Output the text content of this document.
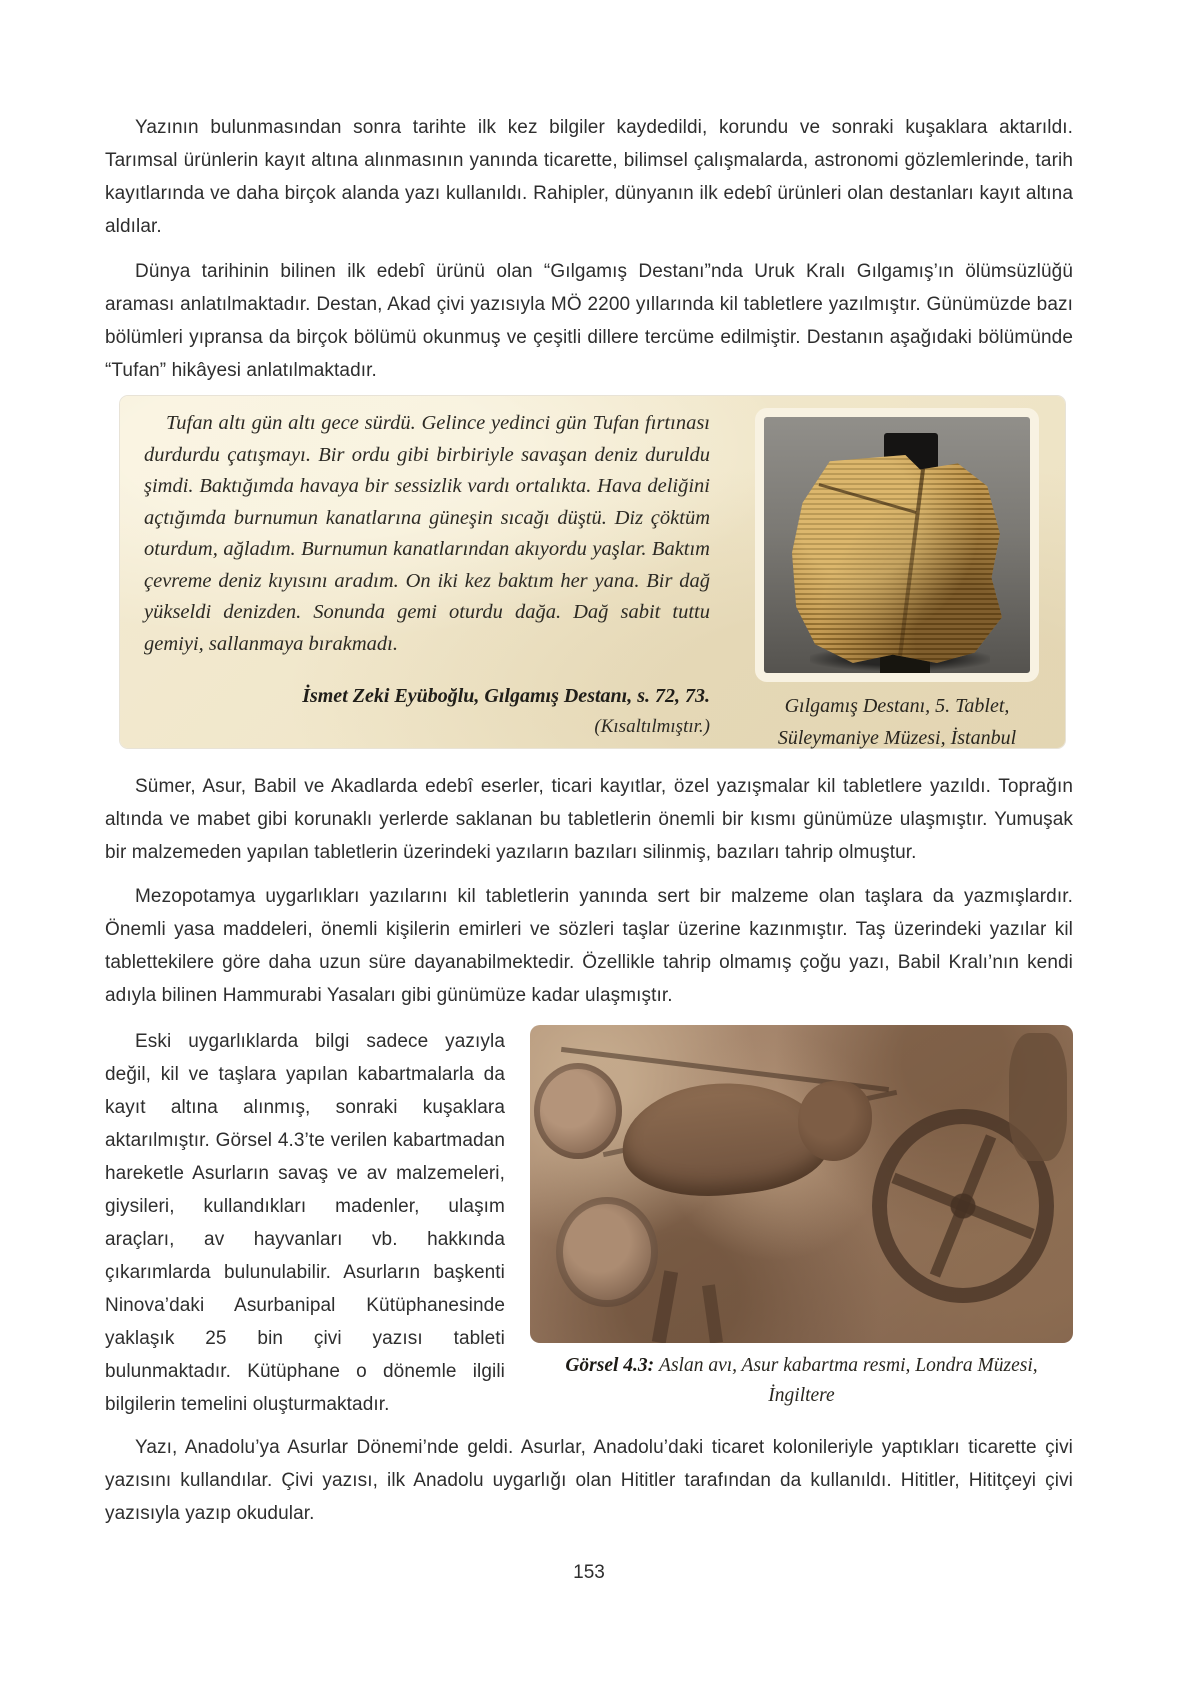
Yazının bulunmasından sonra tarihte ilk kez bilgiler kaydedildi, korundu ve sonraki kuşaklara aktarıldı. Tarımsal ürünlerin kayıt altına alınmasının yanında ticarette, bilimsel çalışmalarda, astronomi gözlemlerinde, tarih kayıtlarında ve daha birçok alanda yazı kullanıldı. Rahipler, dünyanın ilk edebî ürünleri olan destanları kayıt altına aldılar.

Dünya tarihinin bilinen ilk edebî ürünü olan “Gılgamış Destanı”nda Uruk Kralı Gılgamış’ın ölümsüzlüğü araması anlatılmaktadır. Destan, Akad çivi yazısıyla MÖ 2200 yıllarında kil tabletlere yazılmıştır. Günümüzde bazı bölümleri yıpransa da birçok bölümü okunmuş ve çeşitli dillere tercüme edilmiştir. Destanın aşağıdaki bölümünde “Tufan” hikâyesi anlatılmaktadır.

Tufan altı gün altı gece sürdü. Gelince yedinci gün Tufan fırtınası durdurdu çatışmayı. Bir ordu gibi birbiriyle savaşan deniz duruldu şimdi. Baktığımda havaya bir sessizlik vardı ortalıkta. Hava deliğini açtığımda burnumun kanatlarına güneşin sıcağı düştü. Diz çöktüm oturdum, ağladım. Burnumun kanatlarından akıyordu yaşlar. Baktım çevreme deniz kıyısını aradım. On iki kez baktım her yana. Bir dağ yükseldi denizden. Sonunda gemi oturdu dağa. Dağ sabit tuttu gemiyi, sallanmaya bırakmadı.

İsmet Zeki Eyüboğlu, Gılgamış Destanı, s. 72, 73.
(Kısaltılmıştır.)
Gılgamış Destanı, 5. Tablet,
Süleymaniye Müzesi, İstanbul

Sümer, Asur, Babil ve Akadlarda edebî eserler, ticari kayıtlar, özel yazışmalar kil tabletlere yazıldı. Toprağın altında ve mabet gibi korunaklı yerlerde saklanan bu tabletlerin önemli bir kısmı günümüze ulaşmıştır. Yumuşak bir malzemeden yapılan tabletlerin üzerindeki yazıların bazıları silinmiş, bazıları tahrip olmuştur.

Mezopotamya uygarlıkları yazılarını kil tabletlerin yanında sert bir malzeme olan taşlara da yazmışlardır. Önemli yasa maddeleri, önemli kişilerin emirleri ve sözleri taşlar üzerine kazınmıştır. Taş üzerindeki yazılar kil tablettekilere göre daha uzun süre dayanabilmektedir. Özellikle tahrip olmamış çoğu yazı, Babil Kralı’nın kendi adıyla bilinen Hammurabi Yasaları gibi günümüze kadar ulaşmıştır.

Eski uygarlıklarda bilgi sadece yazıyla değil, kil ve taşlara yapılan kabartmalarla da kayıt altına alınmış, sonraki kuşaklara aktarılmıştır. Görsel 4.3’te verilen kabartmadan hareketle Asurların savaş ve av malzemeleri, giysileri, kullandıkları madenler, ulaşım araçları, av hayvanları vb. hakkında çıkarımlarda bulunulabilir. Asurların başkenti Ninova’daki Asurbanipal Kütüphanesinde yaklaşık 25 bin çivi yazısı tableti bulunmaktadır. Kütüphane o dönemle ilgili bilgilerin temelini oluşturmaktadır.

Görsel 4.3: Aslan avı, Asur kabartma resmi, Londra Müzesi, İngiltere

Yazı, Anadolu’ya Asurlar Dönemi’nde geldi. Asurlar, Anadolu’daki ticaret kolonileriyle yaptıkları ticarette çivi yazısını kullandılar. Çivi yazısı, ilk Anadolu uygarlığı olan Hititler tarafından da kullanıldı. Hititler, Hititçeyi çivi yazısıyla yazıp okudular.

153
